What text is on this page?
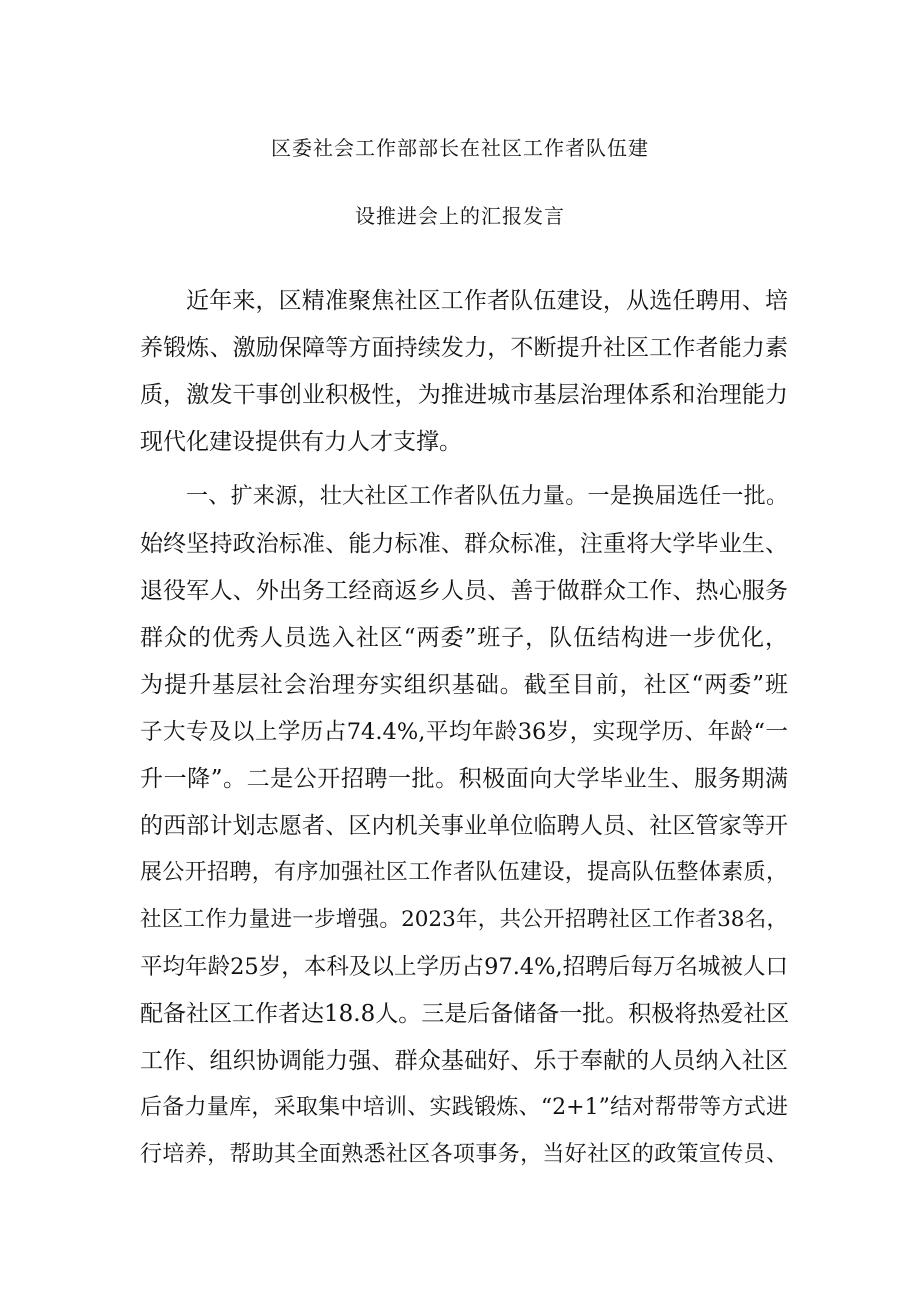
区委社会工作部部长在社区工作者队伍建
设推进会上的汇报发言
近年来，区精准聚焦社区工作者队伍建设，从选任聘用、培
养锻炼、激励保障等方面持续发力，不断提升社区工作者能力素
质，激发干事创业积极性，为推进城市基层治理体系和治理能力
现代化建设提供有力人才支撑。
一、扩来源，壮大社区工作者队伍力量。一是换届选任一批。
始终坚持政治标准、能力标准、群众标准，注重将大学毕业生、
退役军人、外出务工经商返乡人员、善于做群众工作、热心服务
群众的优秀人员选入社区“两委”班子，队伍结构进一步优化，
为提升基层社会治理夯实组织基础。截至目前，社区“两委”班
子大专及以上学历占74.4%,平均年龄36岁，实现学历、年龄“一
升一降”。二是公开招聘一批。积极面向大学毕业生、服务期满
的西部计划志愿者、区内机关事业单位临聘人员、社区管家等开
展公开招聘，有序加强社区工作者队伍建设，提高队伍整体素质，
社区工作力量进一步增强。2023年，共公开招聘社区工作者38名，
平均年龄25岁，本科及以上学历占97.4%,招聘后每万名城被人口
配备社区工作者达18.8人。三是后备储备一批。积极将热爱社区
工作、组织协调能力强、群众基础好、乐于奉献的人员纳入社区
后备力量库，采取集中培训、实践锻炼、“2+1”结对帮带等方式进
行培养，帮助其全面熟悉社区各项事务，当好社区的政策宣传员、
